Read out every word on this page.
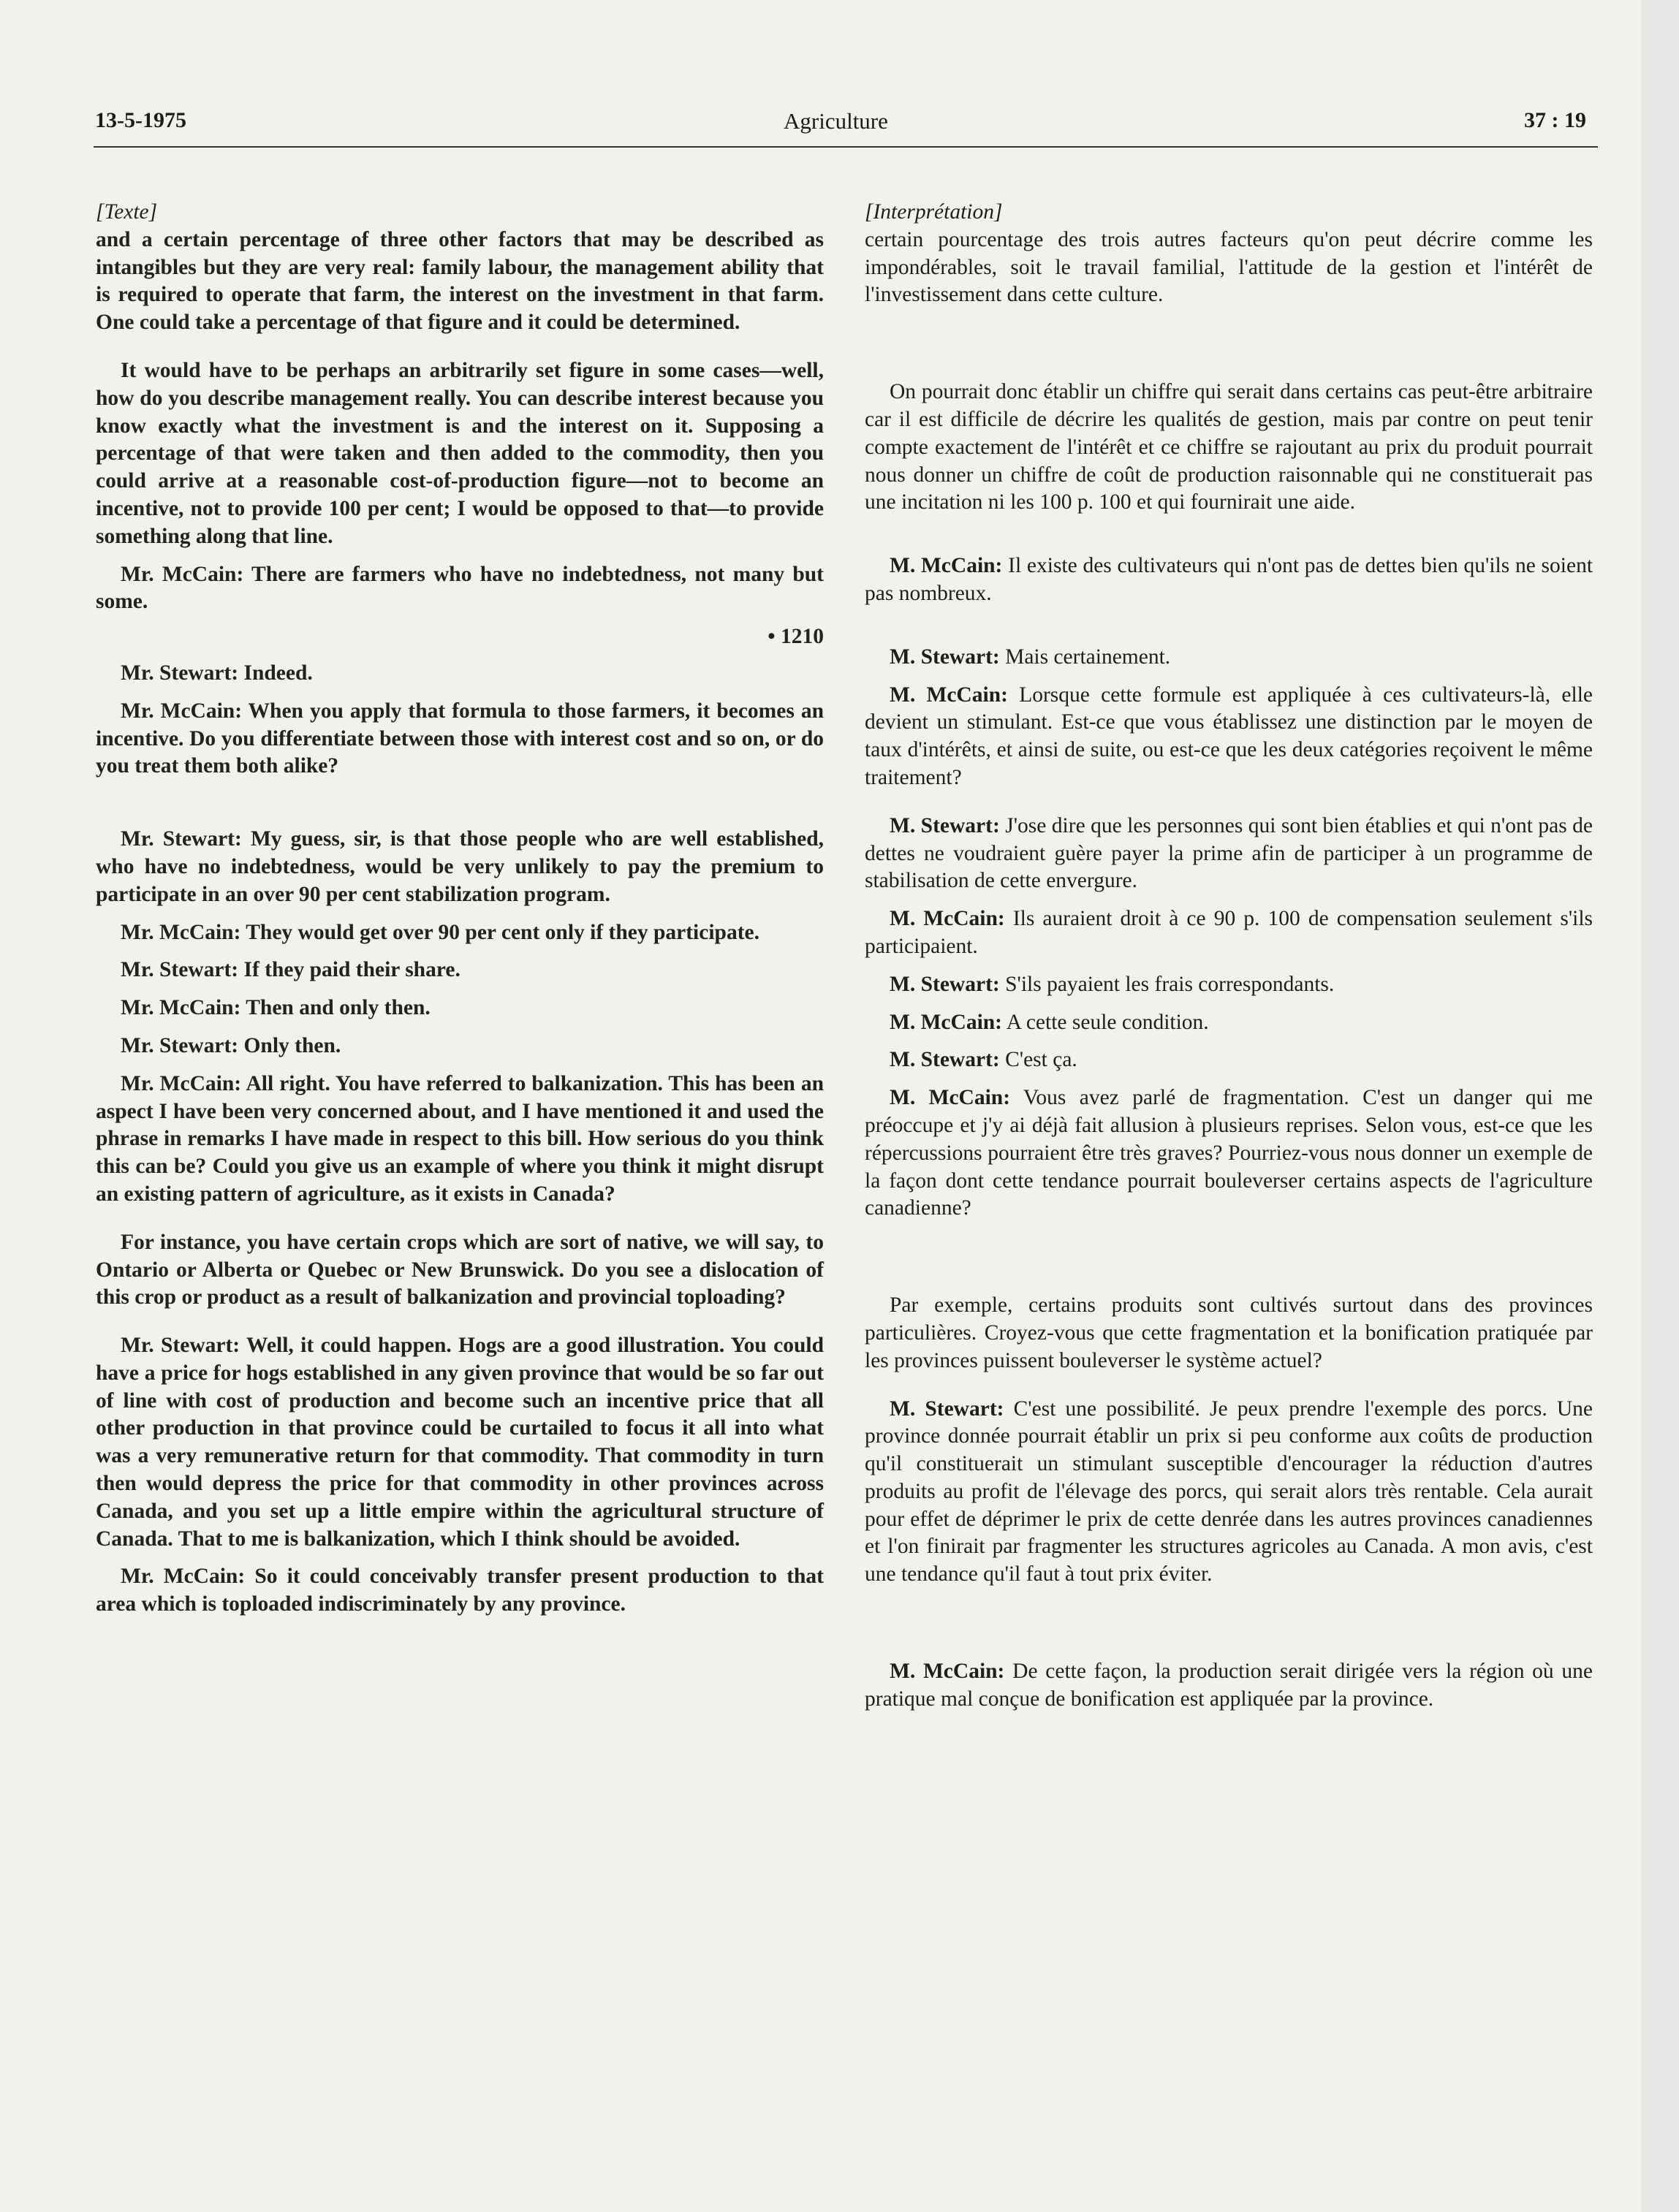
13-5-1975	Agriculture	37 : 19
[Texte]

and a certain percentage of three other factors that may be described as intangibles but they are very real: family labour, the management ability that is required to operate that farm, the interest on the investment in that farm. One could take a percentage of that figure and it could be determined.

It would have to be perhaps an arbitrarily set figure in some cases—well, how do you describe management really. You can describe interest because you know exactly what the investment is and the interest on it. Supposing a percentage of that were taken and then added to the commodity, then you could arrive at a reasonable cost-of-production figure—not to become an incentive, not to provide 100 per cent; I would be opposed to that—to provide something along that line.

Mr. McCain: There are farmers who have no indebtedness, not many but some.

• 1210

Mr. Stewart: Indeed.

Mr. McCain: When you apply that formula to those farmers, it becomes an incentive. Do you differentiate between those with interest cost and so on, or do you treat them both alike?

Mr. Stewart: My guess, sir, is that those people who are well established, who have no indebtedness, would be very unlikely to pay the premium to participate in an over 90 per cent stabilization program.

Mr. McCain: They would get over 90 per cent only if they participate.

Mr. Stewart: If they paid their share.

Mr. McCain: Then and only then.

Mr. Stewart: Only then.

Mr. McCain: All right. You have referred to balkanization. This has been an aspect I have been very concerned about, and I have mentioned it and used the phrase in remarks I have made in respect to this bill. How serious do you think this can be? Could you give us an example of where you think it might disrupt an existing pattern of agriculture, as it exists in Canada?

For instance, you have certain crops which are sort of native, we will say, to Ontario or Alberta or Quebec or New Brunswick. Do you see a dislocation of this crop or product as a result of balkanization and provincial toploading?

Mr. Stewart: Well, it could happen. Hogs are a good illustration. You could have a price for hogs established in any given province that would be so far out of line with cost of production and become such an incentive price that all other production in that province could be curtailed to focus it all into what was a very remunerative return for that commodity. That commodity in turn then would depress the price for that commodity in other provinces across Canada, and you set up a little empire within the agricultural structure of Canada. That to me is balkanization, which I think should be avoided.

Mr. McCain: So it could conceivably transfer present production to that area which is toploaded indiscriminately by any province.

[Interprétation]

certain pourcentage des trois autres facteurs qu'on peut décrire comme les impondérables, soit le travail familial, l'attitude de la gestion et l'intérêt de l'investissement dans cette culture.

On pourrait donc établir un chiffre qui serait dans certains cas peut-être arbitraire car il est difficile de décrire les qualités de gestion, mais par contre on peut tenir compte exactement de l'intérêt et ce chiffre se rajoutant au prix du produit pourrait nous donner un chiffre de coût de production raisonnable qui ne constituerait pas une incitation ni les 100 p. 100 et qui fournirait une aide.

M. McCain: Il existe des cultivateurs qui n'ont pas de dettes bien qu'ils ne soient pas nombreux.

M. Stewart: Mais certainement.

M. McCain: Lorsque cette formule est appliquée à ces cultivateurs-là, elle devient un stimulant. Est-ce que vous établissez une distinction par le moyen de taux d'intérêts, et ainsi de suite, ou est-ce que les deux catégories reçoivent le même traitement?

M. Stewart: J'ose dire que les personnes qui sont bien établies et qui n'ont pas de dettes ne voudraient guère payer la prime afin de participer à un programme de stabilisation de cette envergure.

M. McCain: Ils auraient droit à ce 90 p. 100 de compensation seulement s'ils participaient.

M. Stewart: S'ils payaient les frais correspondants.

M. McCain: A cette seule condition.

M. Stewart: C'est ça.

M. McCain: Vous avez parlé de fragmentation. C'est un danger qui me préoccupe et j'y ai déjà fait allusion à plusieurs reprises. Selon vous, est-ce que les répercussions pourraient être très graves? Pourriez-vous nous donner un exemple de la façon dont cette tendance pourrait bouleverser certains aspects de l'agriculture canadienne?

Par exemple, certains produits sont cultivés surtout dans des provinces particulières. Croyez-vous que cette fragmentation et la bonification pratiquée par les provinces puissent bouleverser le système actuel?

M. Stewart: C'est une possibilité. Je peux prendre l'exemple des porcs. Une province donnée pourrait établir un prix si peu conforme aux coûts de production qu'il constituerait un stimulant susceptible d'encourager la réduction d'autres produits au profit de l'élevage des porcs, qui serait alors très rentable. Cela aurait pour effet de déprimer le prix de cette denrée dans les autres provinces canadiennes et l'on finirait par fragmenter les structures agricoles au Canada. A mon avis, c'est une tendance qu'il faut à tout prix éviter.

M. McCain: De cette façon, la production serait dirigée vers la région où une pratique mal conçue de bonification est appliquée par la province.
